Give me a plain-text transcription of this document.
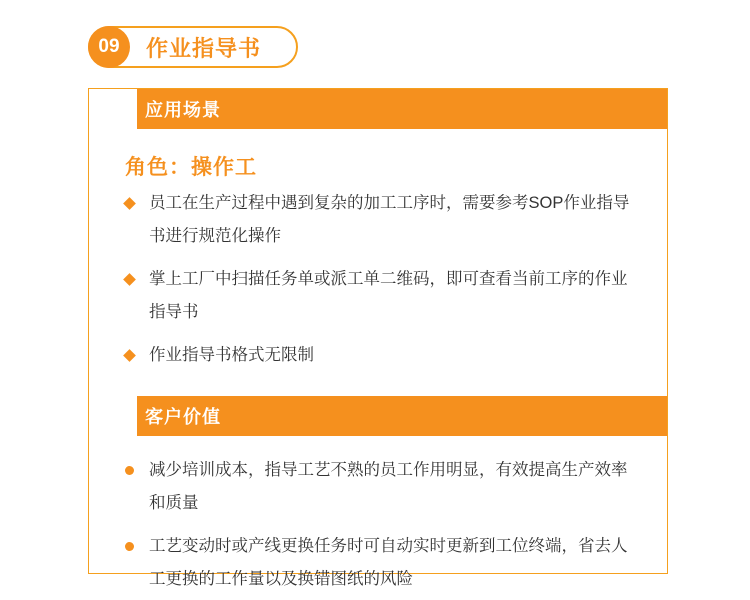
09	作业指导书
应用场景
角色：操作工
员工在生产过程中遇到复杂的加工工序时，需要参考SOP作业指导书进行规范化操作
掌上工厂中扫描任务单或派工单二维码，即可查看当前工序的作业指导书
作业指导书格式无限制
客户价值
减少培训成本，指导工艺不熟的员工作用明显，有效提高生产效率和质量
工艺变动时或产线更换任务时可自动实时更新到工位终端，省去人工更换的工作量以及换错图纸的风险
